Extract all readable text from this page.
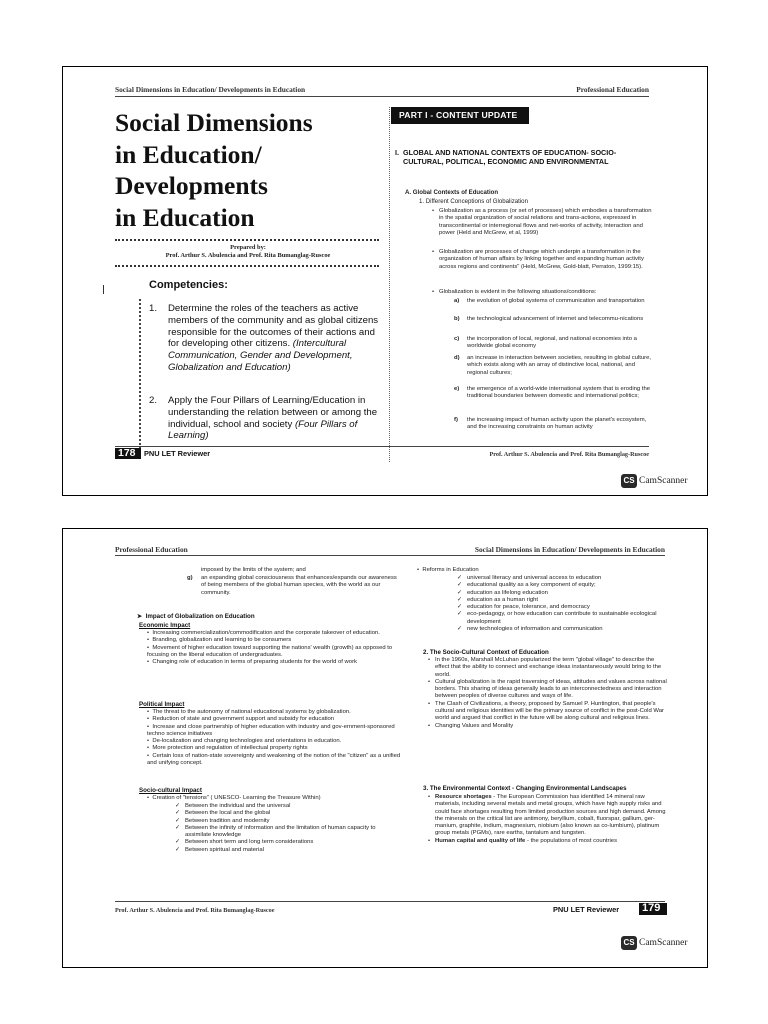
Social Dimensions in Education/ Developments in Education	Professional Education
Social Dimensions
in Education/
Developments
in Education
Prepared by:
Prof. Arthur S. Abulencia and Prof. Rita Bumanglag-Ruscoe
Competencies:
1. Determine the roles of the teachers as active members of the community and as global citizens responsible for the outcomes of their actions and for developing other citizens. (Intercultural Communication, Gender and Development, Globalization and Education)
2. Apply the Four Pillars of Learning/Education in understanding the relation between or among the individual, school and society (Four Pillars of Learning)
PART I - CONTENT UPDATE
I. GLOBAL AND NATIONAL CONTEXTS OF EDUCATION- SOCIO-CULTURAL, POLITICAL, ECONOMIC AND ENVIRONMENTAL
A. Global Contexts of Education
1. Different Conceptions of Globalization
• Globalization as a process (or set of processes) which embodies a transformation in the spatial organization of social relations and trans-actions, expressed in transcontinental or interregional flows and net-works of activity, interaction and power (Held and McGrew, et al, 1999)
• Globalization are processes of change which underpin a transformation in the organization of human affairs by linking together and expanding human activity across regions and continents" (Held, McGrew, Gold-blatt, Perraton, 1999:15).
• Globalization is evident in the following situations/conditions:
a) the evolution of global systems of communication and transportation
b) the technological advancement of internet and telecommu-nications
c) the incorporation of local, regional, and national economies into a worldwide global economy
d) an increase in interaction between societies, resulting in global culture, which exists along with an array of distinctive local, national, and regional cultures;
e) the emergence of a world-wide international system that is eroding the traditional boundaries between domestic and international politics;
f) the increasing impact of human activity upon the planet's ecosystem, and the increasing constraints on human activity
178 PNU LET Reviewer	Prof. Arthur S. Abulencia and Prof. Rita Bumanglag-Ruscoe
CS CamScanner
Professional Education	Social Dimensions in Education/ Developments in Education
imposed by the limits of the system; and
g) an expanding global consciousness that enhances/expands our awareness of being members of the global human species, with the world as our community.
➤ Impact of Globalization on Education
Economic Impact
•  Increasing commercialization/commodification and the corporate takeover of education.
•  Branding, globalization and learning to be consumers
•  Movement of higher education toward supporting the nations' wealth (growth) as opposed to focusing on the liberal education of undergraduates.
•  Changing role of education in terms of preparing students for the world of work
Political Impact
•  The threat to the autonomy of national educational systems by globalization.
•  Reduction of state and government support and subsidy for education
•  Increase and close partnership of higher education with industry and gov-ernment-sponsored techno science initiatives
•  De-localization and changing technologies and orientations in education.
•  More protection and regulation of intellectual property rights
•  Certain loss of nation-state sovereignty and weakening of the notion of the "citizen" as a unified and unifying concept.
Socio-cultural Impact
•  Creation of "tensions" ( UNESCO- Learning the Treasure Within)
✓ Between the individual and the universal
✓ Between the local and the global
✓ Between tradition and modernity
✓ Between the infinity of information and the limitation of human capacity to assimilate knowledge
✓ Between short term and long term considerations
✓ Between spiritual and material
•  Reforms in Education
✓ universal literacy and universal access to education
✓ educational quality as a key component of equity;
✓ education as lifelong education
✓ education as a human right
✓ education for peace, tolerance, and democracy
✓ eco-pedagogy, or how education can contribute to sustainable ecological development
✓ new technologies of information and communication
2. The Socio-Cultural Context of Education
• In the 1960s, Marshall McLuhan popularized the term "global village" to describe the effect that the ability to connect and exchange ideas instantaneously would bring to the world.
• Cultural globalization is the rapid traversing of ideas, attitudes and values across national borders. This sharing of ideas generally leads to an interconnectedness and interaction between peoples of diverse cultures and ways of life.
• The Clash of Civilizations, a theory, proposed by Samuel P. Huntington, that people's cultural and religious identities will be the primary source of conflict in the post-Cold War world and argued that conflict in the future will be along cultural and religious lines.
• Changing Values and Morality
3. The Environmental Context - Changing Environmental Landscapes
• Resource shortages - The European Commission has identified 14 mineral raw materials, including several metals and metal groups, which have high supply risks and could face shortages resulting from limited production sources and high demand. Among the minerals on the critical list are antimony, beryllium, cobalt, fluorspar, gallium, ger-manium, graphite, indium, magnesium, niobium (also known as co-lumbium), platinum group metals (PGMs), rare earths, tantalum and tungsten.
• Human capital and quality of life - the populations of most countries
Prof. Arthur S. Abulencia and Prof. Rita Bumanglag-Ruscoe	PNU LET Reviewer 179
CS CamScanner
